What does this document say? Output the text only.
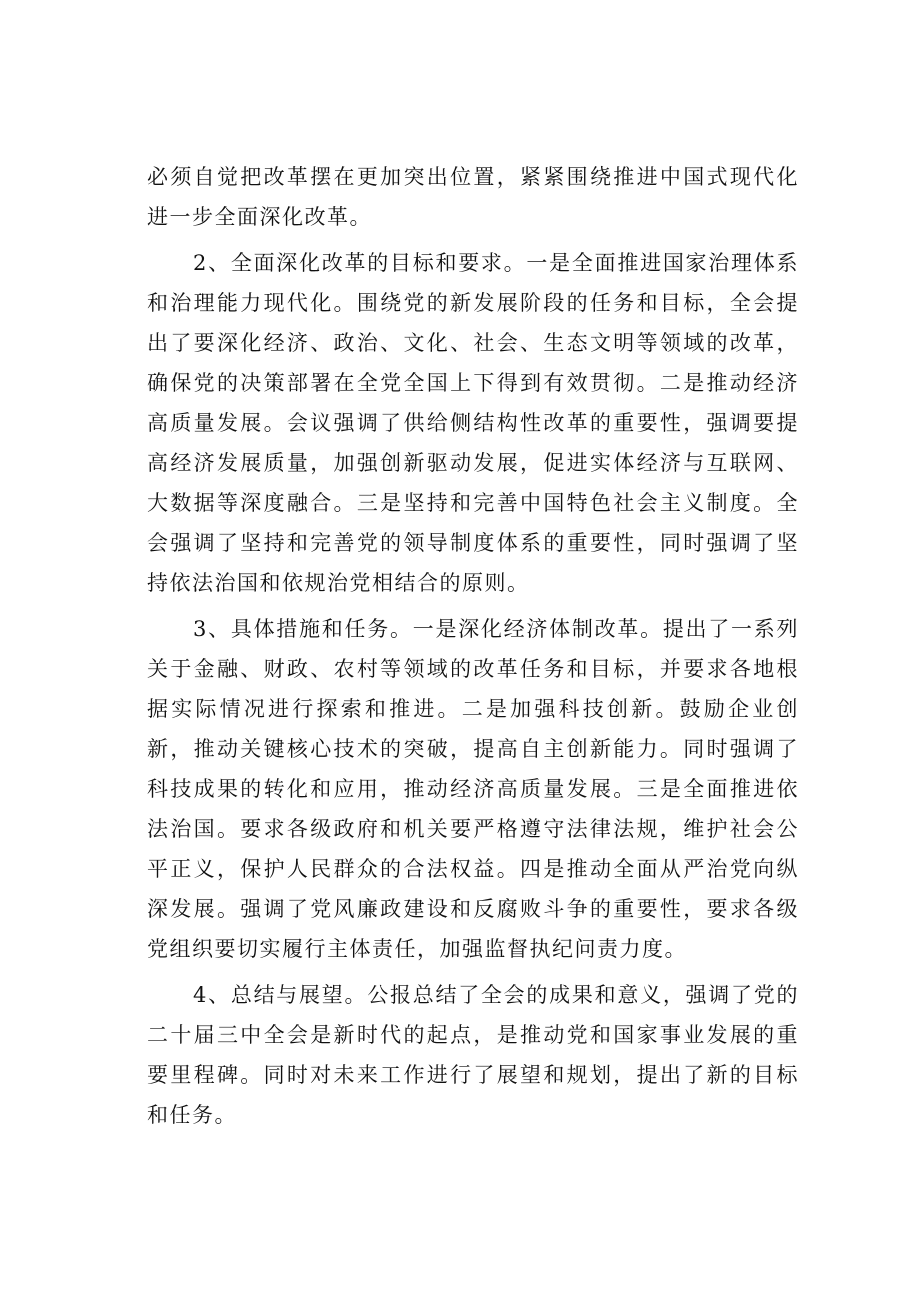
必须自觉把改革摆在更加突出位置，紧紧围绕推进中国式现代化进一步全面深化改革。

2、全面深化改革的目标和要求。一是全面推进国家治理体系和治理能力现代化。围绕党的新发展阶段的任务和目标，全会提出了要深化经济、政治、文化、社会、生态文明等领域的改革，确保党的决策部署在全党全国上下得到有效贯彻。二是推动经济高质量发展。会议强调了供给侧结构性改革的重要性，强调要提高经济发展质量，加强创新驱动发展，促进实体经济与互联网、大数据等深度融合。三是坚持和完善中国特色社会主义制度。全会强调了坚持和完善党的领导制度体系的重要性，同时强调了坚持依法治国和依规治党相结合的原则。

3、具体措施和任务。一是深化经济体制改革。提出了一系列关于金融、财政、农村等领域的改革任务和目标，并要求各地根据实际情况进行探索和推进。二是加强科技创新。鼓励企业创新，推动关键核心技术的突破，提高自主创新能力。同时强调了科技成果的转化和应用，推动经济高质量发展。三是全面推进依法治国。要求各级政府和机关要严格遵守法律法规，维护社会公平正义，保护人民群众的合法权益。四是推动全面从严治党向纵深发展。强调了党风廉政建设和反腐败斗争的重要性，要求各级党组织要切实履行主体责任，加强监督执纪问责力度。

4、总结与展望。公报总结了全会的成果和意义，强调了党的二十届三中全会是新时代的起点，是推动党和国家事业发展的重要里程碑。同时对未来工作进行了展望和规划，提出了新的目标和任务。
